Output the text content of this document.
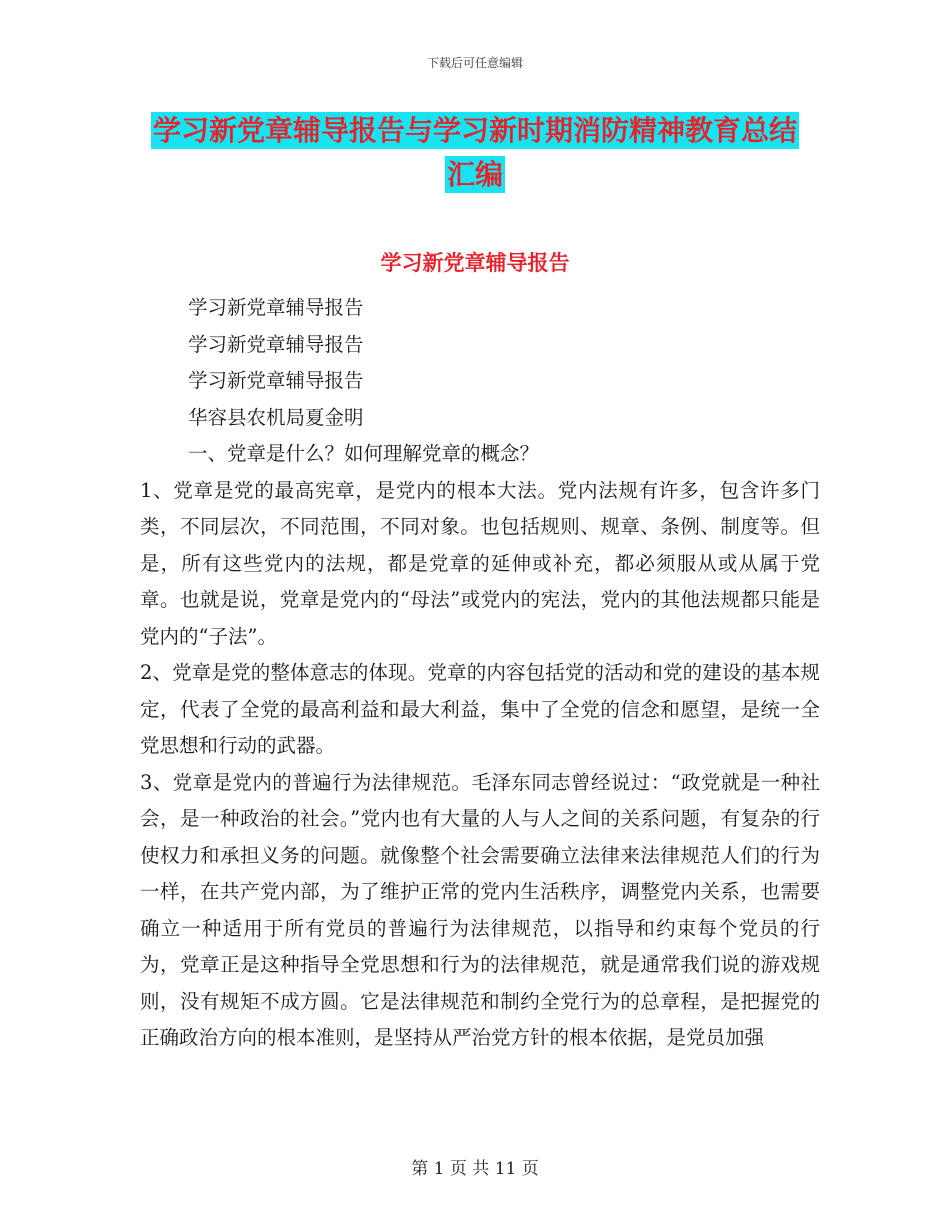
下载后可任意编辑
学习新党章辅导报告与学习新时期消防精神教育总结
汇编
学习新党章辅导报告

学习新党章辅导报告

学习新党章辅导报告

学习新党章辅导报告

华容县农机局夏金明

一、党章是什么？如何理解党章的概念？

1、党章是党的最高宪章，是党内的根本大法。党内法规有许多，包含许多门类，不同层次，不同范围，不同对象。也包括规则、规章、条例、制度等。但是，所有这些党内的法规，都是党章的延伸或补充，都必须服从或从属于党章。也就是说，党章是党内的“母法”或党内的宪法，党内的其他法规都只能是党内的“子法”。

2、党章是党的整体意志的体现。党章的内容包括党的活动和党的建设的基本规定，代表了全党的最高利益和最大利益，集中了全党的信念和愿望，是统一全党思想和行动的武器。

3、党章是党内的普遍行为法律规范。毛泽东同志曾经说过：“政党就是一种社会，是一种政治的社会。”党内也有大量的人与人之间的关系问题，有复杂的行使权力和承担义务的问题。就像整个社会需要确立法律来法律规范人们的行为一样，在共产党内部，为了维护正常的党内生活秩序，调整党内关系，也需要确立一种适用于所有党员的普遍行为法律规范，以指导和约束每个党员的行为，党章正是这种指导全党思想和行为的法律规范，就是通常我们说的游戏规则，没有规矩不成方圆。它是法律规范和制约全党行为的总章程，是把握党的正确政治方向的根本准则，是坚持从严治党方针的根本依据，是党员加强

第 1 页 共 11 页
